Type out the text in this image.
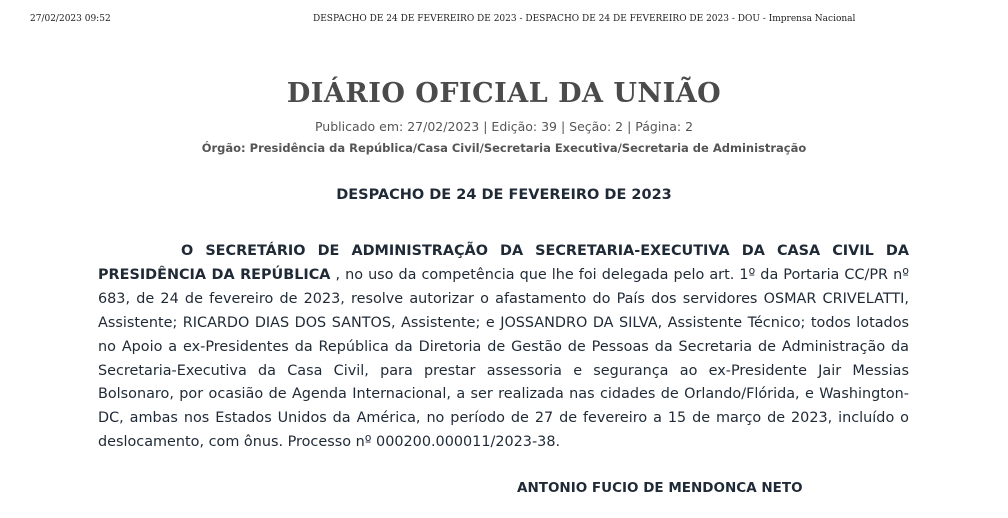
27/02/2023 09:52	DESPACHO DE 24 DE FEVEREIRO DE 2023 - DESPACHO DE 24 DE FEVEREIRO DE 2023 - DOU - Imprensa Nacional
DIÁRIO OFICIAL DA UNIÃO
Publicado em: 27/02/2023 | Edição: 39 | Seção: 2 | Página: 2
Órgão: Presidência da República/Casa Civil/Secretaria Executiva/Secretaria de Administração
DESPACHO DE 24 DE FEVEREIRO DE 2023

O SECRETÁRIO DE ADMINISTRAÇÃO DA SECRETARIA-EXECUTIVA DA CASA CIVIL DA PRESIDÊNCIA DA REPÚBLICA , no uso da competência que lhe foi delegada pelo art. 1º da Portaria CC/PR nº 683, de 24 de fevereiro de 2023, resolve autorizar o afastamento do País dos servidores OSMAR CRIVELATTI, Assistente; RICARDO DIAS DOS SANTOS, Assistente; e JOSSANDRO DA SILVA, Assistente Técnico; todos lotados no Apoio a ex-Presidentes da República da Diretoria de Gestão de Pessoas da Secretaria de Administração da Secretaria-Executiva da Casa Civil, para prestar assessoria e segurança ao ex-Presidente Jair Messias Bolsonaro, por ocasião de Agenda Internacional, a ser realizada nas cidades de Orlando/Flórida, e Washington-DC, ambas nos Estados Unidos da América, no período de 27 de fevereiro a 15 de março de 2023, incluído o deslocamento, com ônus. Processo nº 000200.000011/2023-38.

ANTONIO FUCIO DE MENDONCA NETO
